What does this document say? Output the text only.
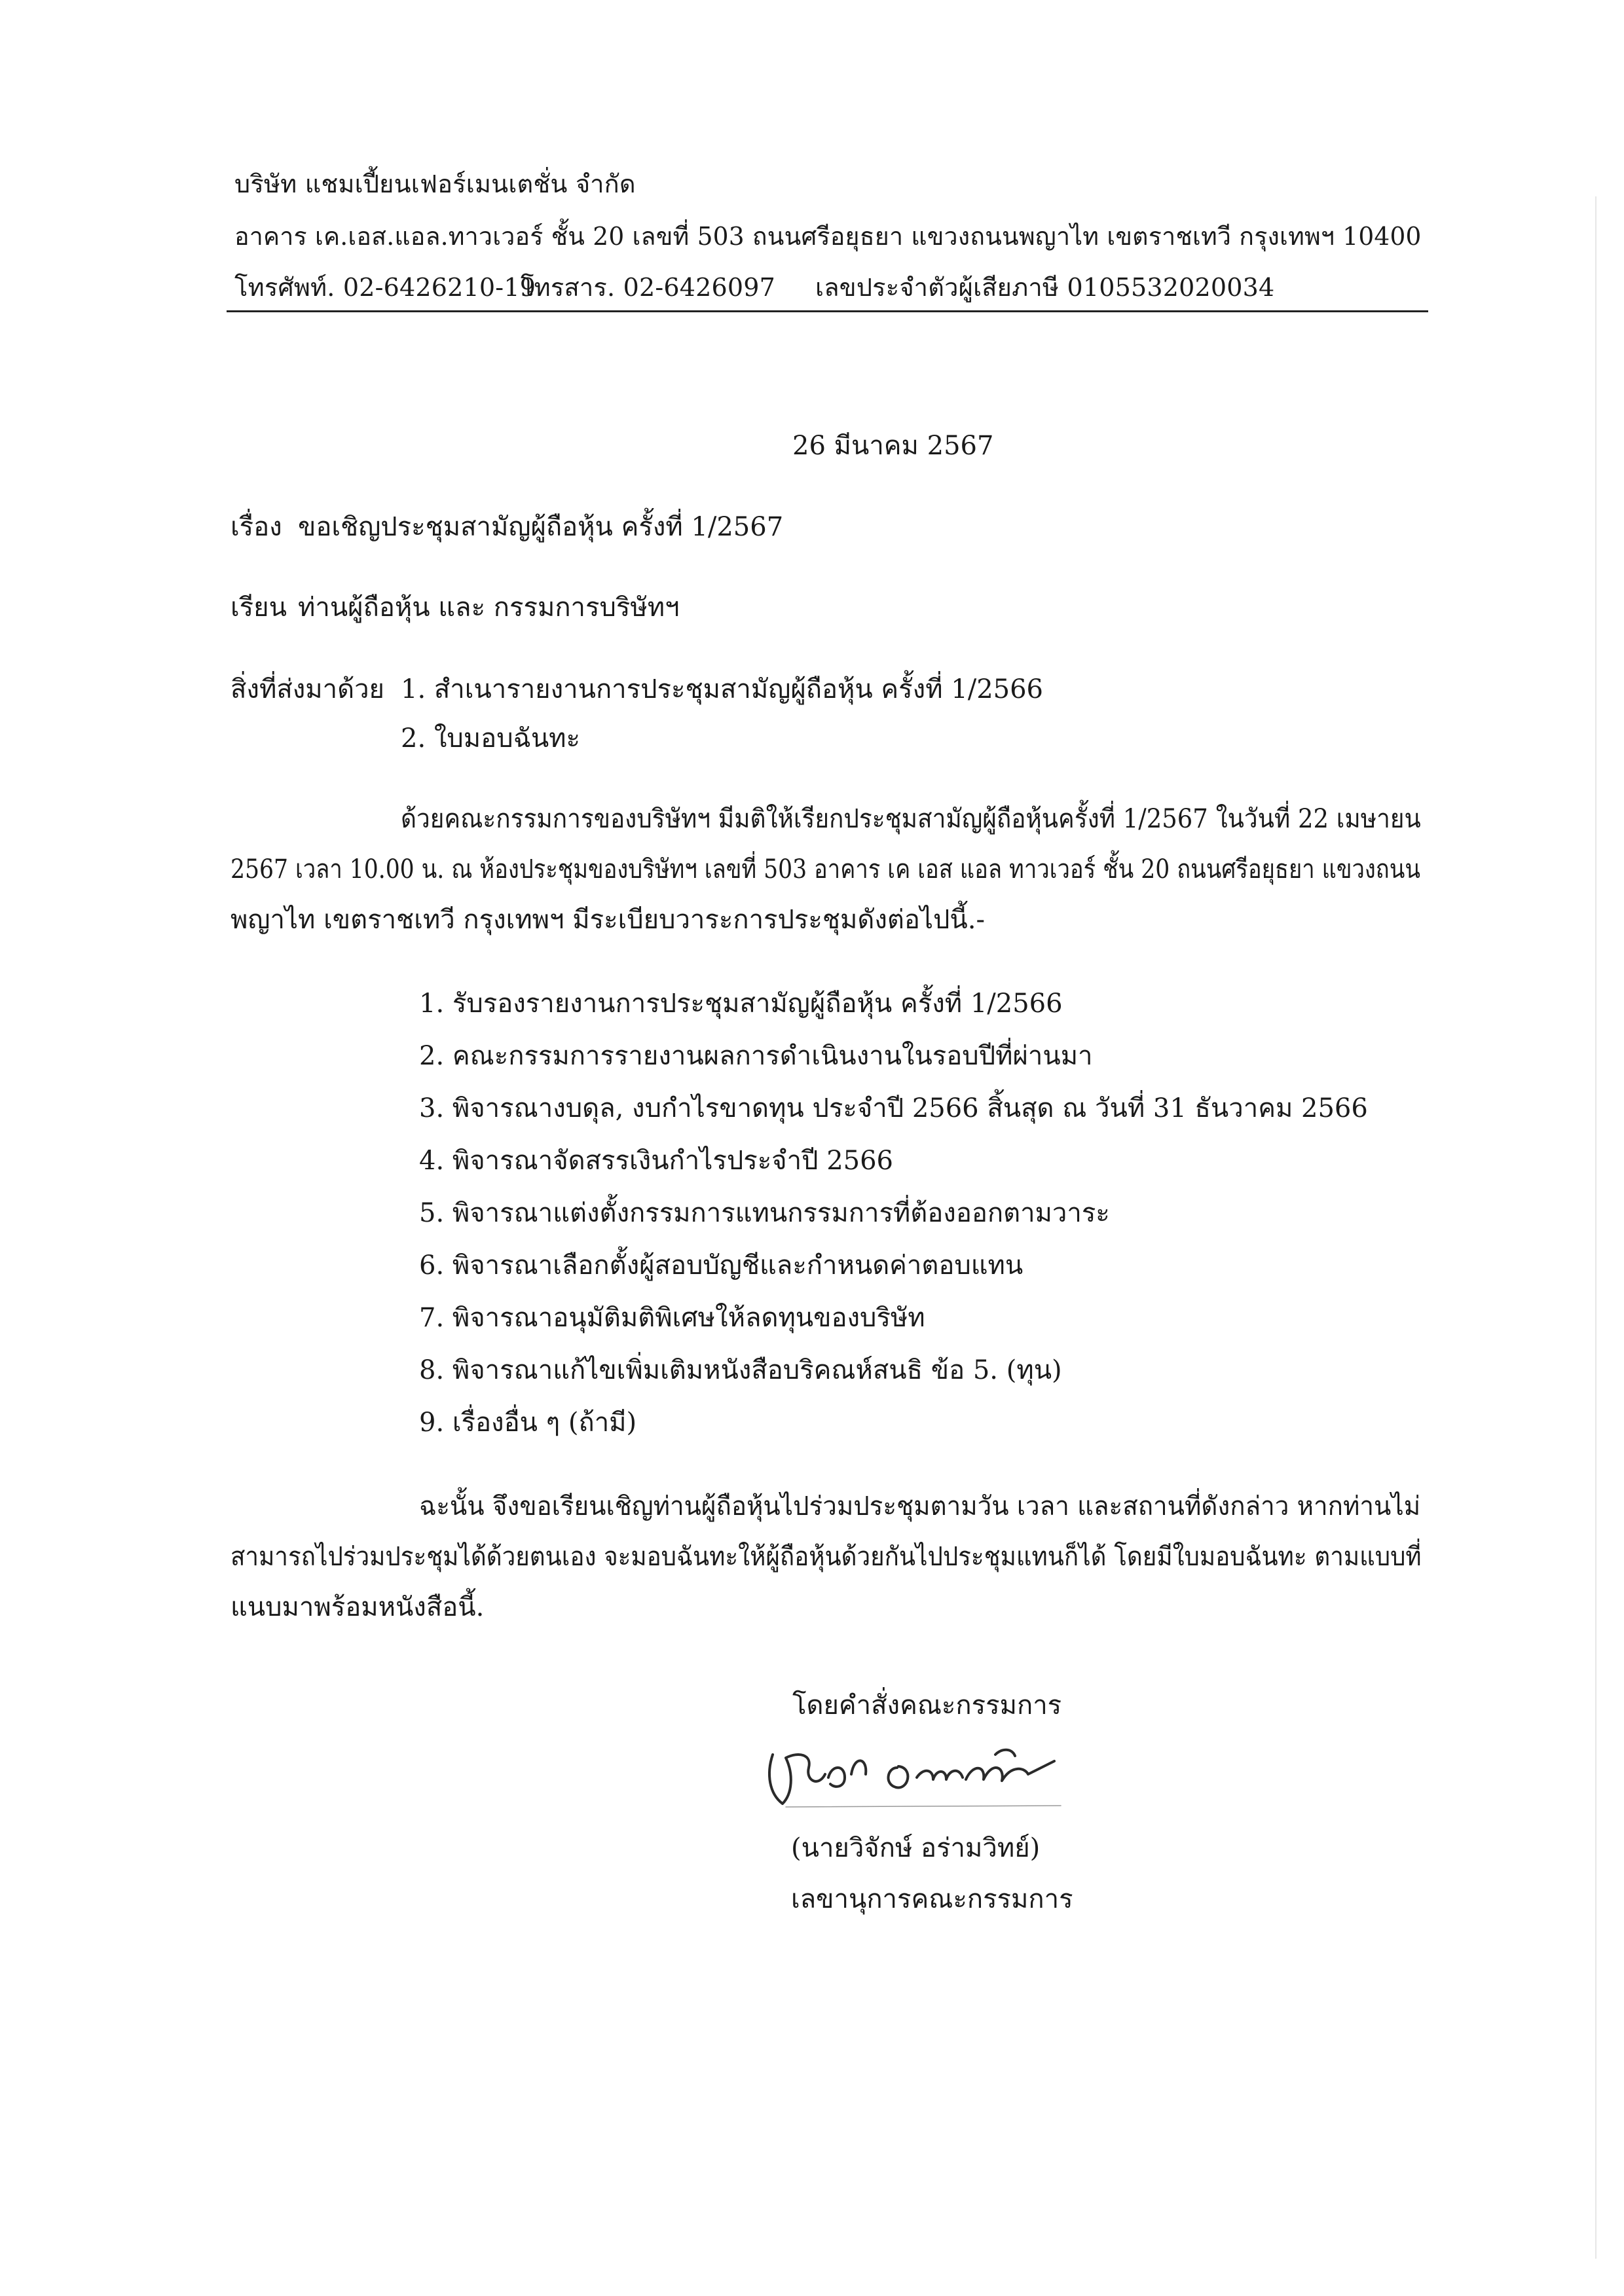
บริษัท แชมเปี้ยนเฟอร์เมนเตชั่น จำกัด
อาคาร เค.เอส.แอล.ทาวเวอร์ ชั้น 20 เลขที่ 503 ถนนศรีอยุธยา แขวงถนนพญาไท เขตราชเทวี กรุงเทพฯ 10400
โทรศัพท์. 02-6426210-19
โทรสาร. 02-6426097 เลขประจำตัวผู้เสียภาษี 0105532020034
26 มีนาคม 2567
เรื่อง ขอเชิญประชุมสามัญผู้ถือหุ้น ครั้งที่ 1/2567
เรียน ท่านผู้ถือหุ้น และ กรรมการบริษัทฯ
สิ่งที่ส่งมาด้วย 1. สำเนารายงานการประชุมสามัญผู้ถือหุ้น ครั้งที่ 1/2566
2. ใบมอบฉันทะ
ด้วยคณะกรรมการของบริษัทฯ มีมติให้เรียกประชุมสามัญผู้ถือหุ้นครั้งที่ 1/2567 ในวันที่ 22 เมษายน
2567 เวลา 10.00 น. ณ ห้องประชุมของบริษัทฯ เลขที่ 503 อาคาร เค เอส แอล ทาวเวอร์ ชั้น 20 ถนนศรีอยุธยา แขวงถนน
พญาไท เขตราชเทวี กรุงเทพฯ มีระเบียบวาระการประชุมดังต่อไปนี้.-
1. รับรองรายงานการประชุมสามัญผู้ถือหุ้น ครั้งที่ 1/2566
2. คณะกรรมการรายงานผลการดำเนินงานในรอบปีที่ผ่านมา
3. พิจารณางบดุล, งบกำไรขาดทุน ประจำปี 2566 สิ้นสุด ณ วันที่ 31 ธันวาคม 2566
4. พิจารณาจัดสรรเงินกำไรประจำปี 2566
5. พิจารณาแต่งตั้งกรรมการแทนกรรมการที่ต้องออกตามวาระ
6. พิจารณาเลือกตั้งผู้สอบบัญชีและกำหนดค่าตอบแทน
7. พิจารณาอนุมัติมติพิเศษให้ลดทุนของบริษัท
8. พิจารณาแก้ไขเพิ่มเติมหนังสือบริคณห์สนธิ ข้อ 5. (ทุน)
9. เรื่องอื่น ๆ (ถ้ามี)
ฉะนั้น จึงขอเรียนเชิญท่านผู้ถือหุ้นไปร่วมประชุมตามวัน เวลา และสถานที่ดังกล่าว หากท่านไม่
สามารถไปร่วมประชุมได้ด้วยตนเอง จะมอบฉันทะให้ผู้ถือหุ้นด้วยกันไปประชุมแทนก็ได้ โดยมีใบมอบฉันทะ ตามแบบที่
แนบมาพร้อมหนังสือนี้.
โดยคำสั่งคณะกรรมการ
(นายวิจักษ์ อร่ามวิทย์)
เลขานุการคณะกรรมการ
